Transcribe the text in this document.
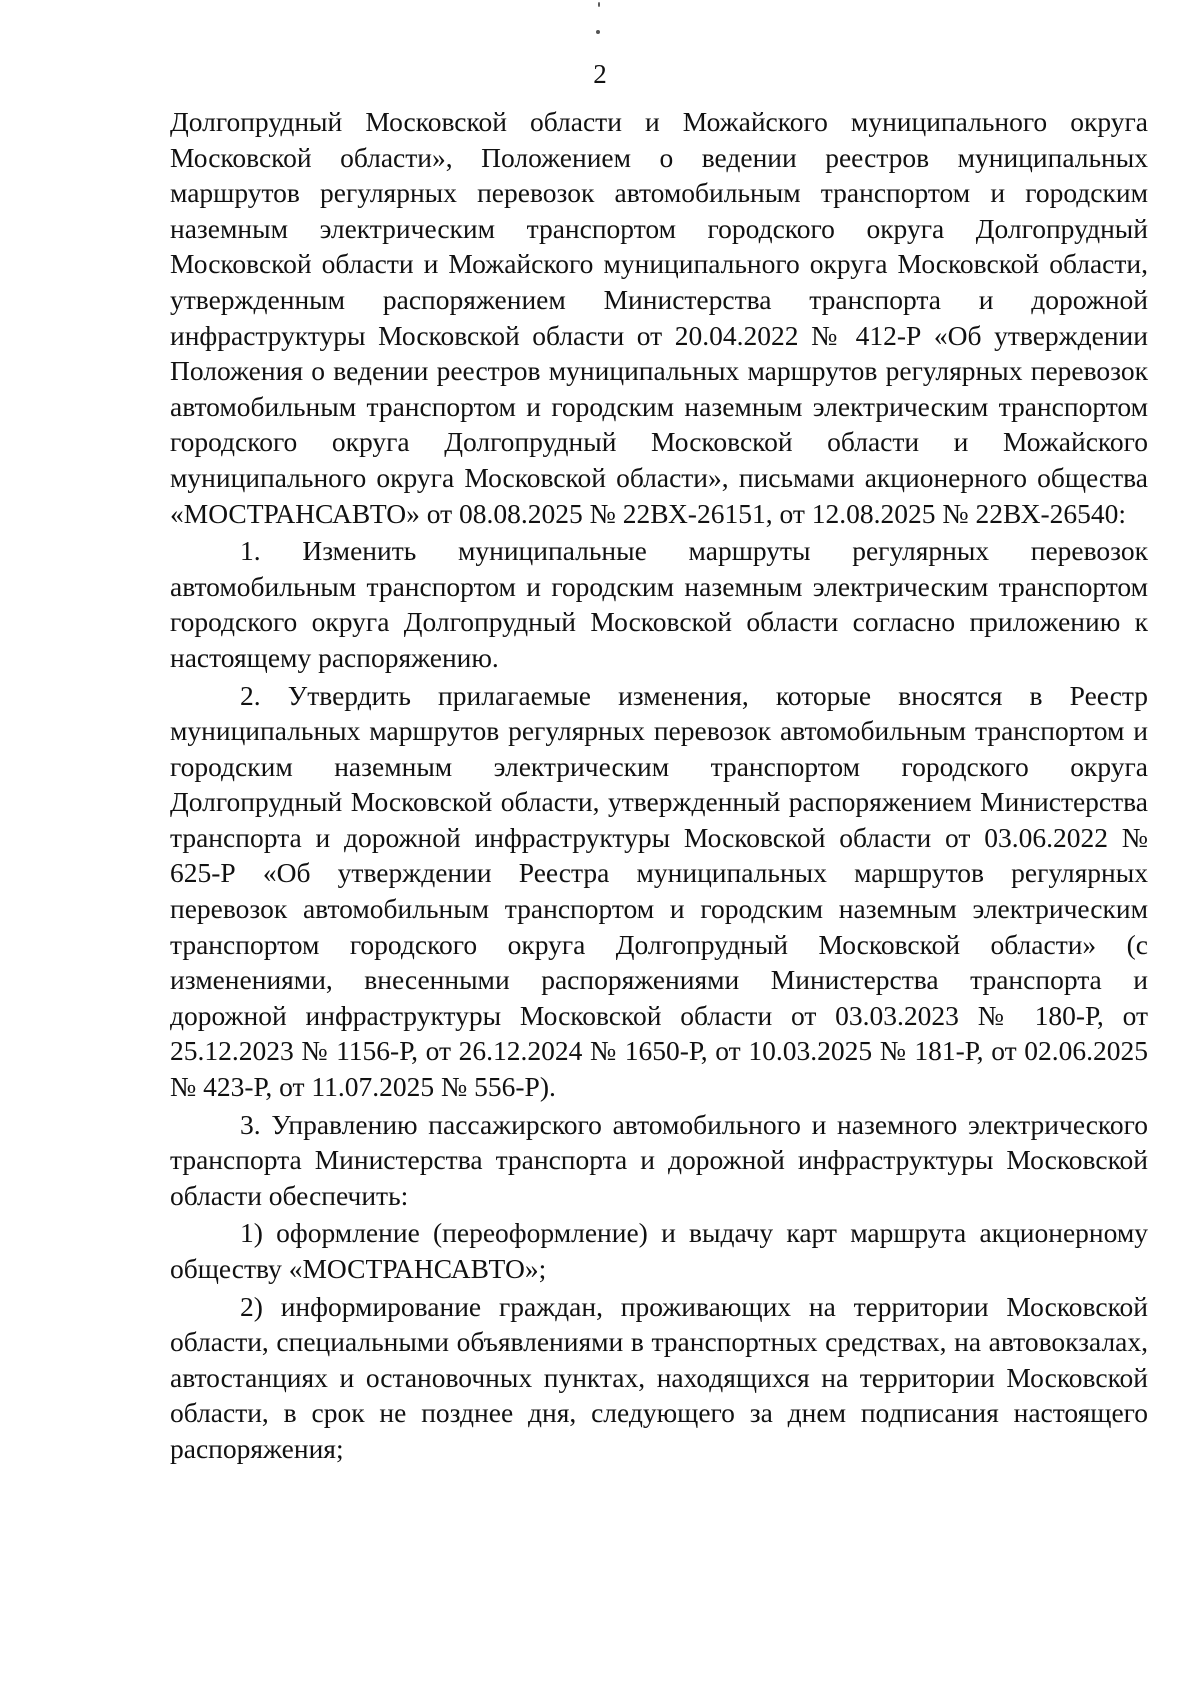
2

Долгопрудный Московской области и Можайского муниципального округа Московской области», Положением о ведении реестров муниципальных маршрутов регулярных перевозок автомобильным транспортом и городским наземным электрическим транспортом городского округа Долгопрудный Московской области и Можайского муниципального округа Московской области, утвержденным распоряжением Министерства транспорта и дорожной инфраструктуры Московской области от 20.04.2022 № 412-Р «Об утверждении Положения о ведении реестров муниципальных маршрутов регулярных перевозок автомобильным транспортом и городским наземным электрическим транспортом городского округа Долгопрудный Московской области и Можайского муниципального округа Московской области», письмами акционерного общества «МОСТРАНСАВТО» от 08.08.2025 № 22ВХ-26151, от 12.08.2025 № 22ВХ-26540:

1. Изменить муниципальные маршруты регулярных перевозок автомобильным транспортом и городским наземным электрическим транспортом городского округа Долгопрудный Московской области согласно приложению к настоящему распоряжению.

2. Утвердить прилагаемые изменения, которые вносятся в Реестр муниципальных маршрутов регулярных перевозок автомобильным транспортом и городским наземным электрическим транспортом городского округа Долгопрудный Московской области, утвержденный распоряжением Министерства транспорта и дорожной инфраструктуры Московской области от 03.06.2022 № 625-Р «Об утверждении Реестра муниципальных маршрутов регулярных перевозок автомобильным транспортом и городским наземным электрическим транспортом городского округа Долгопрудный Московской области» (с изменениями, внесенными распоряжениями Министерства транспорта и дорожной инфраструктуры Московской области от 03.03.2023 № 180-Р, от 25.12.2023 № 1156-Р, от 26.12.2024 № 1650-Р, от 10.03.2025 № 181-Р, от 02.06.2025 № 423-Р, от 11.07.2025 № 556-Р).

3. Управлению пассажирского автомобильного и наземного электрического транспорта Министерства транспорта и дорожной инфраструктуры Московской области обеспечить:

1) оформление (переоформление) и выдачу карт маршрута акционерному обществу «МОСТРАНСАВТО»;

2) информирование граждан, проживающих на территории Московской области, специальными объявлениями в транспортных средствах, на автовокзалах, автостанциях и остановочных пунктах, находящихся на территории Московской области, в срок не позднее дня, следующего за днем подписания настоящего распоряжения;
